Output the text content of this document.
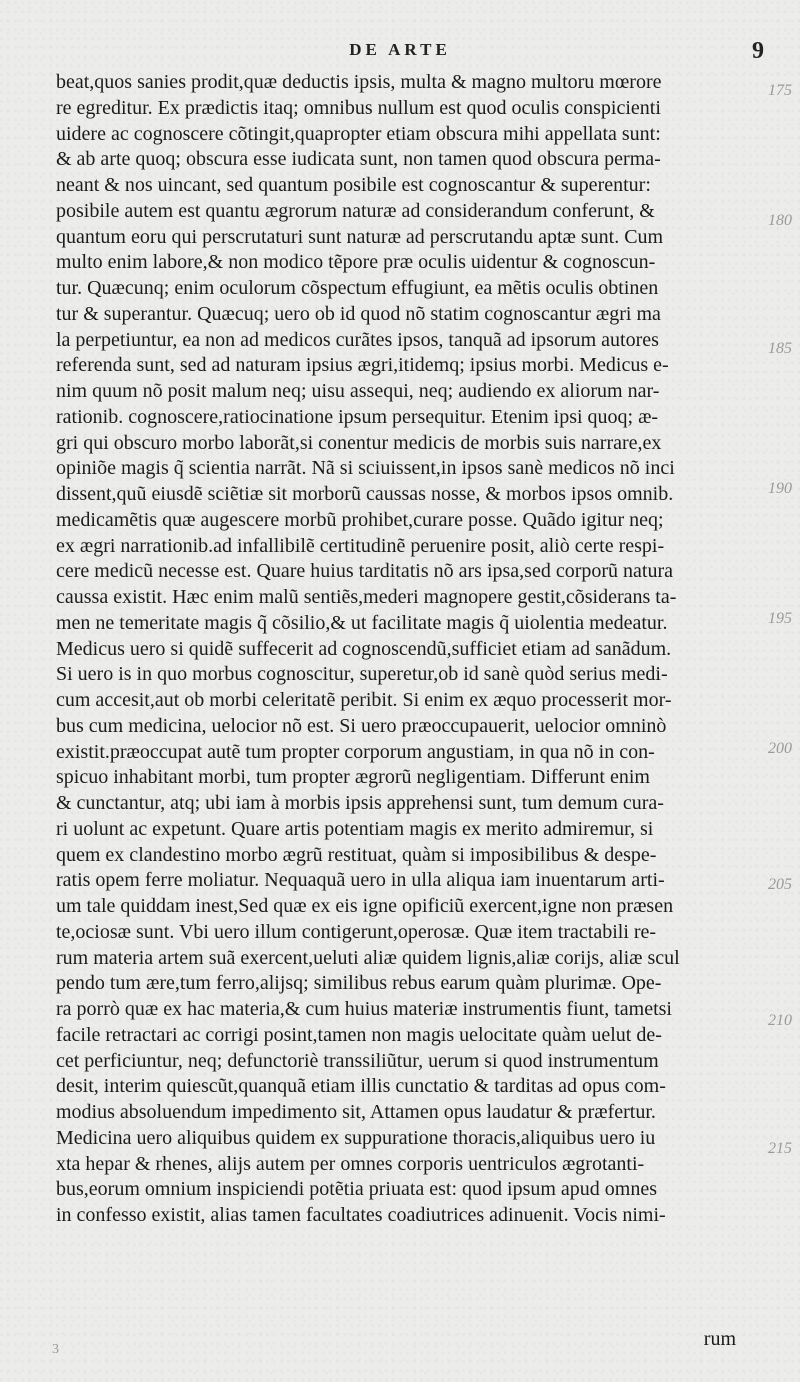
DE ARTE	9
beat,quos sanies prodit,quæ deductis ipsis, multa & magno multoru mœrore
re egreditur. Ex prædictis itaq; omnibus nullum est quod oculis conspicienti
uidere ac cognoscere cõtingit,quapropter etiam obscura mihi appellata sunt:
& ab arte quoq; obscura esse iudicata sunt, non tamen quod obscura perma-
neant & nos uincant, sed quantum posibile est cognoscantur & superentur:
posibile autem est quantu ægrorum naturæ ad considerandum conferunt, &
quantum eoru qui perscrutaturi sunt naturæ ad perscrutandu aptæ sunt. Cum
multo enim labore,& non modico tẽpore præ oculis uidentur & cognoscun-
tur. Quæcunq; enim oculorum cõspectum effugiunt, ea mẽtis oculis obtinen
tur & superantur. Quæcuq; uero ob id quod nõ statim cognoscantur ægri ma
la perpetiuntur, ea non ad medicos curãtes ipsos, tanquã ad ipsorum autores
referenda sunt, sed ad naturam ipsius ægri,itidemq; ipsius morbi. Medicus e-
nim quum nõ posit malum neq; uisu assequi, neq; audiendo ex aliorum nar-
rationib. cognoscere,ratiocinatione ipsum persequitur. Etenim ipsi quoq; æ-
gri qui obscuro morbo laborãt,si conentur medicis de morbis suis narrare,ex
opiniõe magis q̃ scientia narrãt. Nã si sciuissent,in ipsos sanè medicos nõ inci
dissent,quũ eiusdẽ sciẽtiæ sit morborũ caussas nosse, & morbos ipsos omnib.
medicamẽtis quæ augescere morbũ prohibet,curare posse. Quãdo igitur neq;
ex ægri narrationib.ad infallibilẽ certitudinẽ peruenire posit, aliò certe respi-
cere medicũ necesse est. Quare huius tarditatis nõ ars ipsa,sed corporũ natura
caussa existit. Hæc enim malũ sentiẽs,mederi magnopere gestit,cõsiderans ta-
men ne temeritate magis q̃ cõsilio,& ut facilitate magis q̃ uiolentia medeatur.
Medicus uero si quidẽ suffecerit ad cognoscendũ,sufficiet etiam ad sanãdum.
Si uero is in quo morbus cognoscitur, superetur,ob id sanè quòd serius medi-
cum accesit,aut ob morbi celeritatẽ peribit. Si enim ex æquo processerit mor-
bus cum medicina, uelocior nõ est. Si uero præoccupauerit, uelocior omninò
existit.præoccupat autẽ tum propter corporum angustiam, in qua nõ in con-
spicuo inhabitant morbi, tum propter ægrorũ negligentiam. Differunt enim
& cunctantur, atq; ubi iam à morbis ipsis apprehensi sunt, tum demum cura-
ri uolunt ac expetunt. Quare artis potentiam magis ex merito admiremur, si
quem ex clandestino morbo ægrũ restituat, quàm si imposibilibus & despe-
ratis opem ferre moliatur. Nequaquã uero in ulla aliqua iam inuentarum arti-
um tale quiddam inest,Sed quæ ex eis igne opificiũ exercent,igne non præsen
te,ociosæ sunt. Vbi uero illum contigerunt,operosæ. Quæ item tractabili re-
rum materia artem suã exercent,ueluti aliæ quidem lignis,aliæ corijs, aliæ scul
pendo tum ære,tum ferro,alijsq; similibus rebus earum quàm plurimæ. Ope-
ra porrò quæ ex hac materia,& cum huius materiæ instrumentis fiunt, tametsi
facile retractari ac corrigi posint,tamen non magis uelocitate quàm uelut de-
cet perficiuntur, neq; defunctoriè transsiliũtur, uerum si quod instrumentum
desit, interim quiescũt,quanquã etiam illis cunctatio & tarditas ad opus com-
modius absoluendum impedimento sit, Attamen opus laudatur & præfertur.
Medicina uero aliquibus quidem ex suppuratione thoracis,aliquibus uero iu
xta hepar & rhenes, alijs autem per omnes corporis uentriculos ægrotanti-
bus,eorum omnium inspiciendi potẽtia priuata est: quod ipsum apud omnes
in confesso existit, alias tamen facultates coadiutrices adinuenit. Vocis nimi-
rum
175
180
185
190
195
200
205
210
215
3
